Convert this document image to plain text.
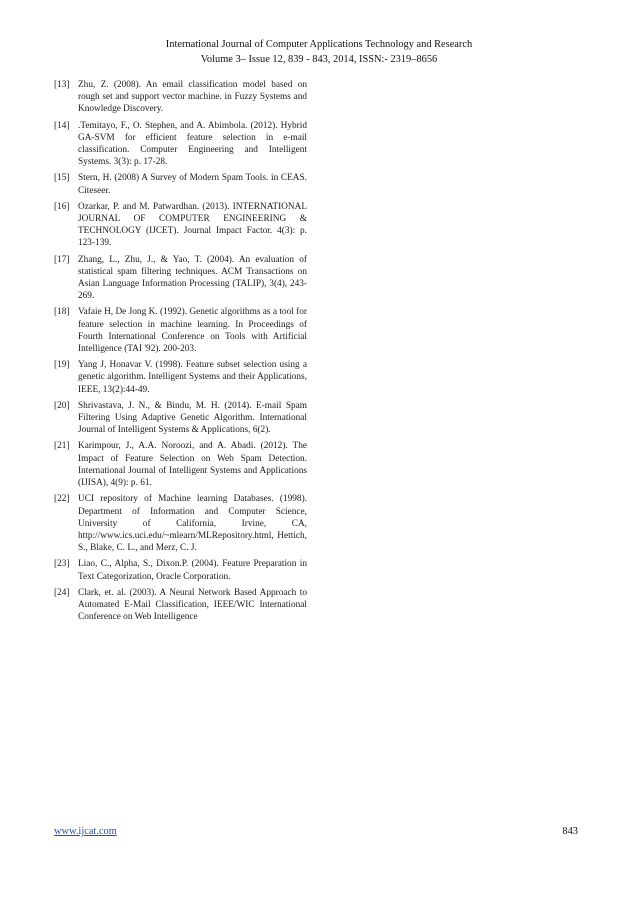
International Journal of Computer Applications Technology and Research
Volume 3– Issue 12, 839 - 843, 2014, ISSN:- 2319–8656
[13] Zhu, Z. (2008). An email classification model based on rough set and support vector machine. in Fuzzy Systems and Knowledge Discovery.
[14] .Temitayo, F., O. Stephen, and A. Abimbola. (2012). Hybrid GA-SVM for efficient feature selection in e-mail classification. Computer Engineering and Intelligent Systems. 3(3): p. 17-28.
[15] Stern, H. (2008) A Survey of Modern Spam Tools. in CEAS. Citeseer.
[16] Ozarkar, P. and M. Patwardhan. (2013). INTERNATIONAL JOURNAL OF COMPUTER ENGINEERING & TECHNOLOGY (IJCET). Journal Impact Factor. 4(3): p. 123-139.
[17] Zhang, L., Zhu, J., & Yao, T. (2004). An evaluation of statistical spam filtering techniques. ACM Transactions on Asian Language Information Processing (TALIP), 3(4), 243-269.
[18] Vafaie H, De Jong K. (1992). Genetic algorithms as a tool for feature selection in machine learning. In Proceedings of Fourth International Conference on Tools with Artificial Intelligence (TAI '92). 200-203.
[19] Yang J, Honavar V. (1998). Feature subset selection using a genetic algorithm. Intelligent Systems and their Applications, IEEE, 13(2):44-49.
[20] Shrivastava, J. N., & Bindu, M. H. (2014). E-mail Spam Filtering Using Adaptive Genetic Algorithm. International Journal of Intelligent Systems & Applications, 6(2).
[21] Karimpour, J., A.A. Noroozi, and A. Abadi. (2012). The Impact of Feature Selection on Web Spam Detection. International Journal of Intelligent Systems and Applications (IJISA), 4(9): p. 61.
[22] UCI repository of Machine learning Databases. (1998). Department of Information and Computer Science, University of California, Irvine, CA, http://www.ics.uci.edu/~mlearn/MLRepository.html, Hettich, S., Blake, C. L., and Merz, C. J.
[23] Liao, C., Alpha, S., Dixon.P. (2004). Feature Preparation in Text Categorization, Oracle Corporation.
[24] Clark, et. al. (2003). A Neural Network Based Approach to Automated E-Mail Classification, IEEE/WIC International Conference on Web Intelligence
www.ijcat.com	843
